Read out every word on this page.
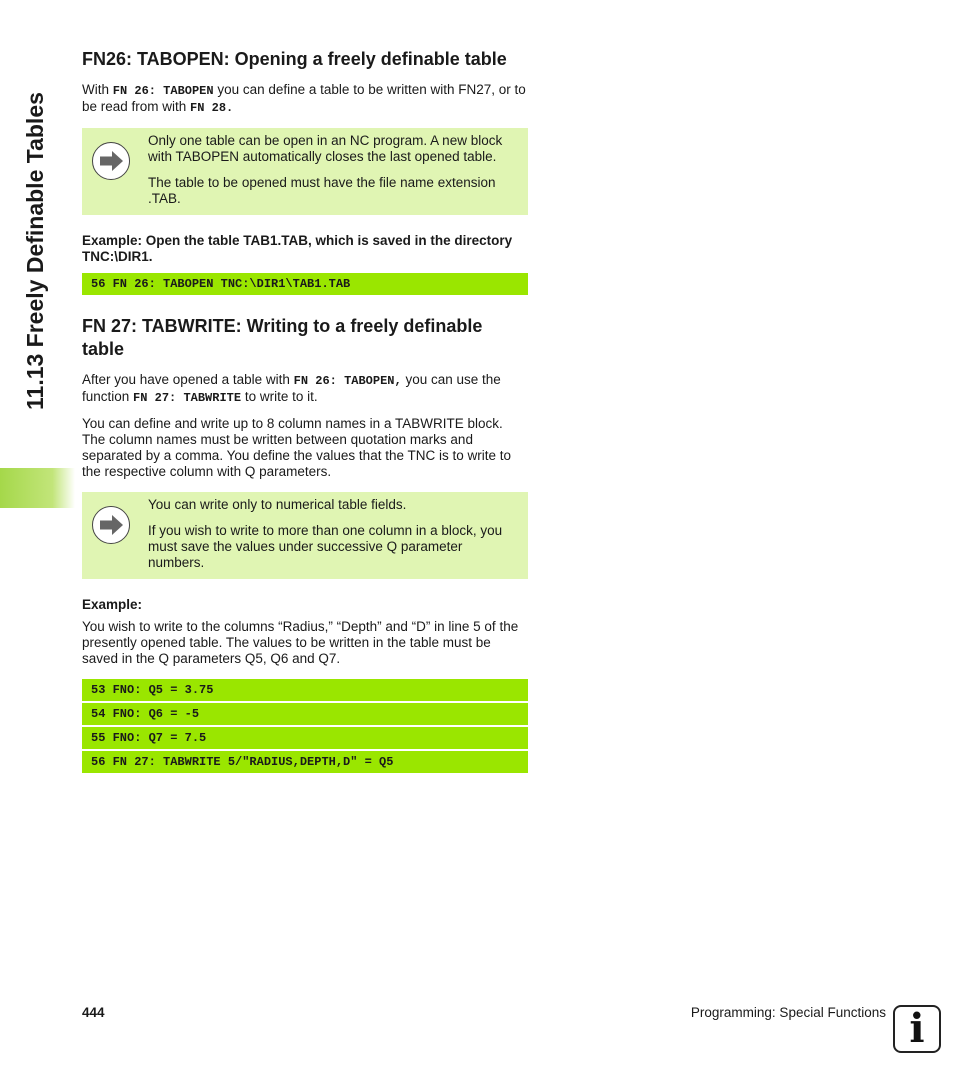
11.13 Freely Definable Tables
FN26: TABOPEN: Opening a freely definable table

With FN 26: TABOPEN you can define a table to be written with FN27, or to be read from with FN 28.

Only one table can be open in an NC program. A new block with TABOPEN automatically closes the last opened table.

The table to be opened must have the file name extension .TAB.

Example: Open the table TAB1.TAB, which is saved in the directory TNC:\DIR1.

56 FN 26: TABOPEN TNC:\DIR1\TAB1.TAB
FN 27: TABWRITE: Writing to a freely definable table

After you have opened a table with FN 26: TABOPEN, you can use the function FN 27: TABWRITE to write to it.

You can define and write up to 8 column names in a TABWRITE block. The column names must be written between quotation marks and separated by a comma. You define the values that the TNC is to write to the respective column with Q parameters.

You can write only to numerical table fields.

If you wish to write to more than one column in a block, you must save the values under successive Q parameter numbers.

Example:

You wish to write to the columns “Radius,” “Depth” and “D” in line 5 of the presently opened table. The values to be written in the table must be saved in the Q parameters Q5, Q6 and Q7.

53 FNO: Q5 = 3.75
54 FNO: Q6 = -5
55 FNO: Q7 = 7.5
56 FN 27: TABWRITE 5/"RADIUS,DEPTH,D" = Q5
444	Programming: Special Functions i
